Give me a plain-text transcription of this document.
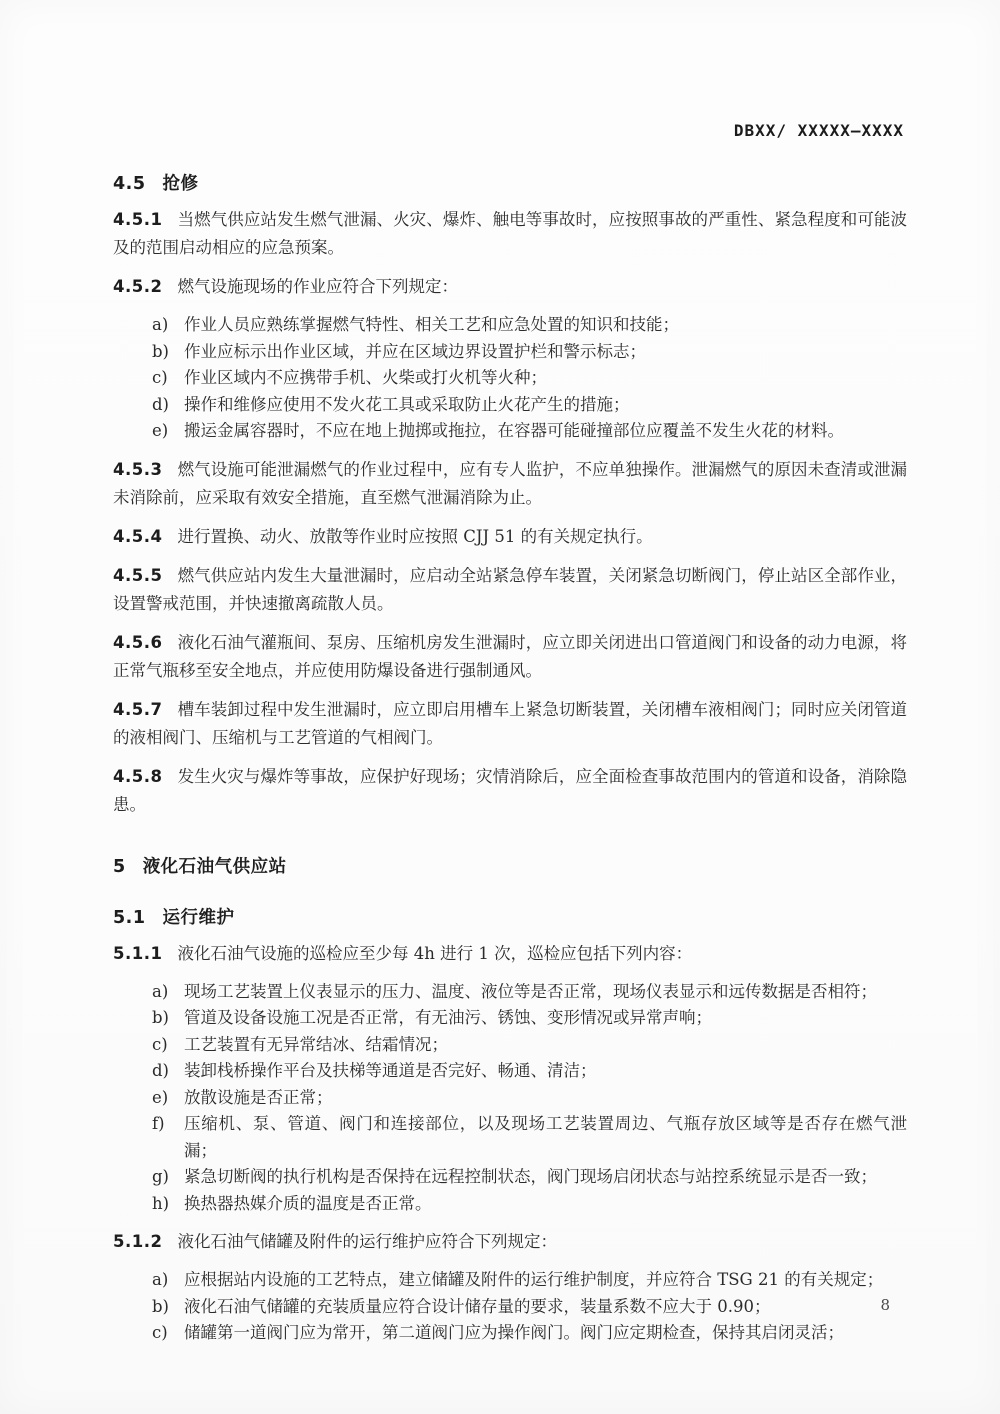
DBXX/ XXXXX—XXXX
4.5 抢修

4.5.1 当燃气供应站发生燃气泄漏、火灾、爆炸、触电等事故时，应按照事故的严重性、紧急程度和可能波及的范围启动相应的应急预案。

4.5.2 燃气设施现场的作业应符合下列规定：

a) 作业人员应熟练掌握燃气特性、相关工艺和应急处置的知识和技能；
b) 作业应标示出作业区域，并应在区域边界设置护栏和警示标志；
c) 作业区域内不应携带手机、火柴或打火机等火种；
d) 操作和维修应使用不发火花工具或采取防止火花产生的措施；
e) 搬运金属容器时，不应在地上抛掷或拖拉，在容器可能碰撞部位应覆盖不发生火花的材料。

4.5.3 燃气设施可能泄漏燃气的作业过程中，应有专人监护，不应单独操作。泄漏燃气的原因未查清或泄漏未消除前，应采取有效安全措施，直至燃气泄漏消除为止。

4.5.4 进行置换、动火、放散等作业时应按照 CJJ 51 的有关规定执行。

4.5.5 燃气供应站内发生大量泄漏时，应启动全站紧急停车装置，关闭紧急切断阀门，停止站区全部作业，设置警戒范围，并快速撤离疏散人员。

4.5.6 液化石油气灌瓶间、泵房、压缩机房发生泄漏时，应立即关闭进出口管道阀门和设备的动力电源，将正常气瓶移至安全地点，并应使用防爆设备进行强制通风。

4.5.7 槽车装卸过程中发生泄漏时，应立即启用槽车上紧急切断装置，关闭槽车液相阀门；同时应关闭管道的液相阀门、压缩机与工艺管道的气相阀门。

4.5.8 发生火灾与爆炸等事故，应保护好现场；灾情消除后，应全面检查事故范围内的管道和设备，消除隐患。

5 液化石油气供应站
5.1 运行维护

5.1.1 液化石油气设施的巡检应至少每 4h 进行 1 次，巡检应包括下列内容：

a) 现场工艺装置上仪表显示的压力、温度、液位等是否正常，现场仪表显示和远传数据是否相符；
b) 管道及设备设施工况是否正常，有无油污、锈蚀、变形情况或异常声响；
c) 工艺装置有无异常结冰、结霜情况；
d) 装卸栈桥操作平台及扶梯等通道是否完好、畅通、清洁；
e) 放散设施是否正常；
f)	压缩机、泵、管道、阀门和连接部位，以及现场工艺装置周边、气瓶存放区域等是否存在燃气泄漏；
g) 紧急切断阀的执行机构是否保持在远程控制状态，阀门现场启闭状态与站控系统显示是否一致；
h) 换热器热媒介质的温度是否正常。

5.1.2 液化石油气储罐及附件的运行维护应符合下列规定：

a) 应根据站内设施的工艺特点，建立储罐及附件的运行维护制度，并应符合 TSG 21 的有关规定；
b) 液化石油气储罐的充装质量应符合设计储存量的要求，装量系数不应大于 0.90；
c) 储罐第一道阀门应为常开，第二道阀门应为操作阀门。阀门应定期检查，保持其启闭灵活；
8
